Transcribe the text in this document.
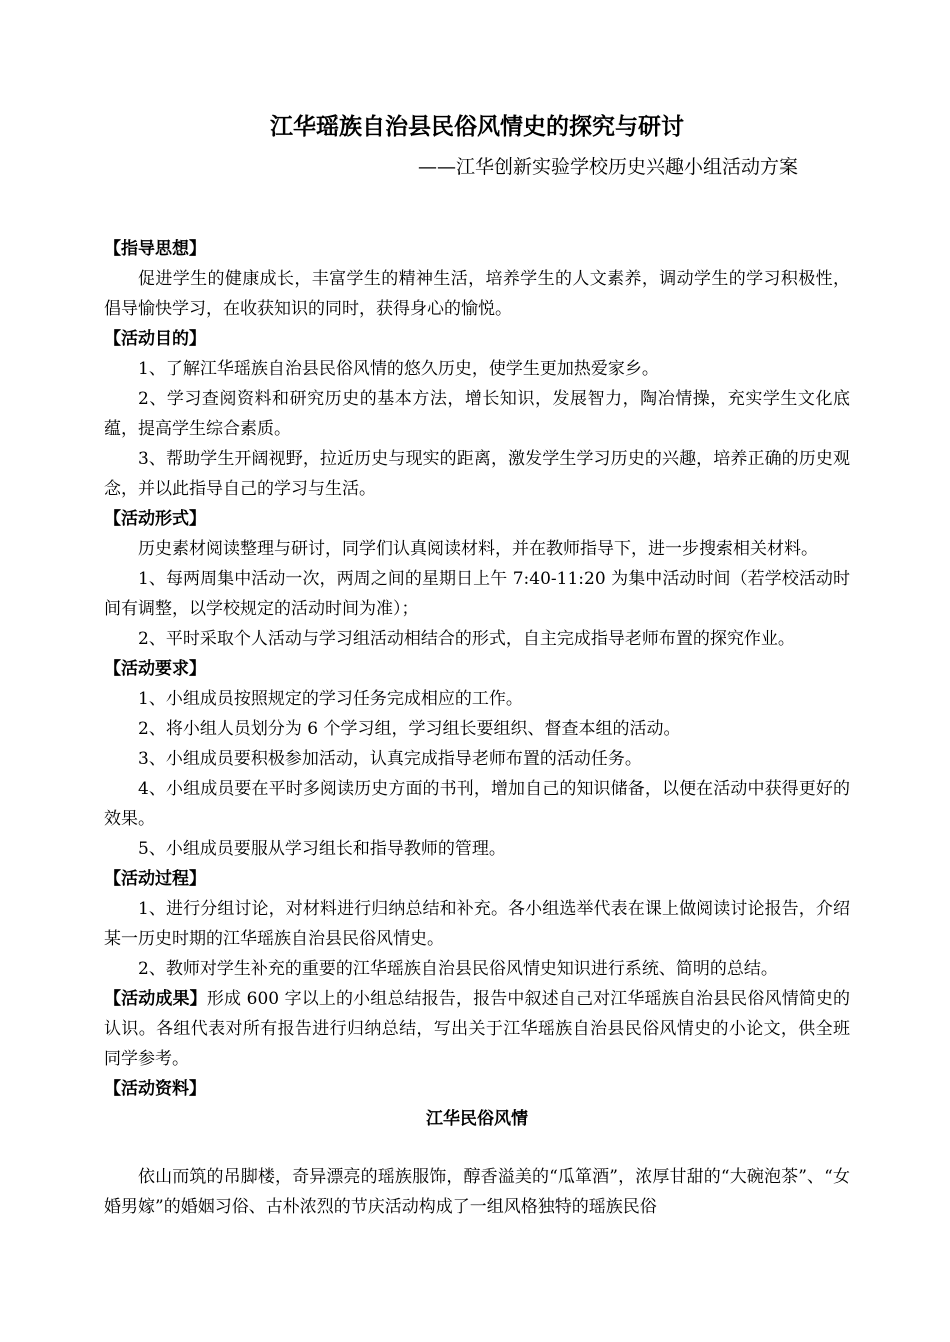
江华瑶族自治县民俗风情史的探究与研讨
——江华创新实验学校历史兴趣小组活动方案

【指导思想】

促进学生的健康成长，丰富学生的精神生活，培养学生的人文素养，调动学生的学习积极性，倡导愉快学习，在收获知识的同时，获得身心的愉悦。

【活动目的】

1、了解江华瑶族自治县民俗风情的悠久历史，使学生更加热爱家乡。

2、学习查阅资料和研究历史的基本方法，增长知识，发展智力，陶冶情操，充实学生文化底蕴，提高学生综合素质。

3、帮助学生开阔视野，拉近历史与现实的距离，激发学生学习历史的兴趣，培养正确的历史观念，并以此指导自己的学习与生活。

【活动形式】

历史素材阅读整理与研讨，同学们认真阅读材料，并在教师指导下，进一步搜索相关材料。

1、每两周集中活动一次，两周之间的星期日上午 7:40-11:20 为集中活动时间（若学校活动时间有调整，以学校规定的活动时间为准）；

2、平时采取个人活动与学习组活动相结合的形式，自主完成指导老师布置的探究作业。

【活动要求】

1、小组成员按照规定的学习任务完成相应的工作。

2、将小组人员划分为 6 个学习组，学习组长要组织、督查本组的活动。

3、小组成员要积极参加活动，认真完成指导老师布置的活动任务。

4、小组成员要在平时多阅读历史方面的书刊，增加自己的知识储备，以便在活动中获得更好的效果。

5、小组成员要服从学习组长和指导教师的管理。

【活动过程】

1、进行分组讨论，对材料进行归纳总结和补充。各小组选举代表在课上做阅读讨论报告，介绍某一历史时期的江华瑶族自治县民俗风情史。

2、教师对学生补充的重要的江华瑶族自治县民俗风情史知识进行系统、简明的总结。

【活动成果】形成 600 字以上的小组总结报告，报告中叙述自己对江华瑶族自治县民俗风情简史的认识。各组代表对所有报告进行归纳总结，写出关于江华瑶族自治县民俗风情史的小论文，供全班同学参考。

【活动资料】

江华民俗风情

依山而筑的吊脚楼，奇异漂亮的瑶族服饰，醇香溢美的“瓜箪酒”，浓厚甘甜的“大碗泡茶”、“女婚男嫁”的婚姻习俗、古朴浓烈的节庆活动构成了一组风格独特的瑶族民俗
